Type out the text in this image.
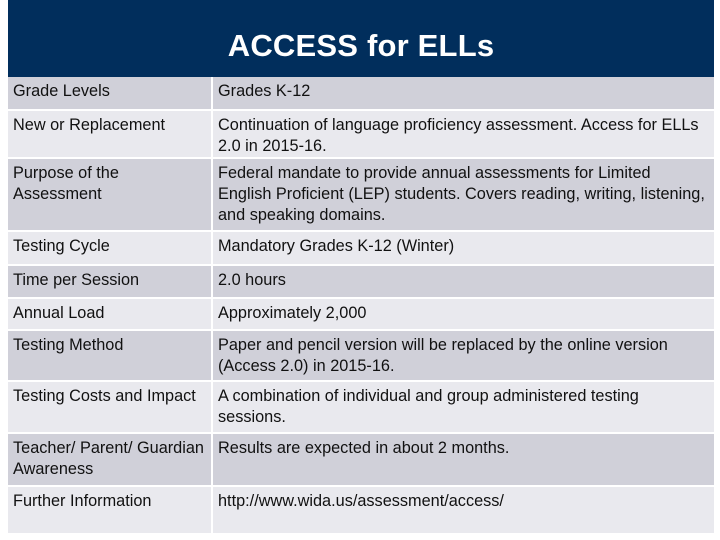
ACCESS for ELLs
Grade Levels	Grades K-12
New or Replacement	Continuation of language proficiency assessment. Access for ELLs 2.0 in 2015-16.
Purpose of the Assessment	Federal mandate to provide annual assessments for Limited English Proficient (LEP) students. Covers reading, writing, listening, and speaking domains.
Testing Cycle	Mandatory Grades K-12 (Winter)
Time per Session	2.0 hours
Annual Load	Approximately 2,000
Testing Method	Paper and pencil version will be replaced by the online version (Access 2.0) in 2015-16.
Testing Costs and Impact	A combination of individual and group administered testing sessions.
Teacher/ Parent/ Guardian Awareness	Results are expected in about 2 months.
Further Information	http://www.wida.us/assessment/access/
